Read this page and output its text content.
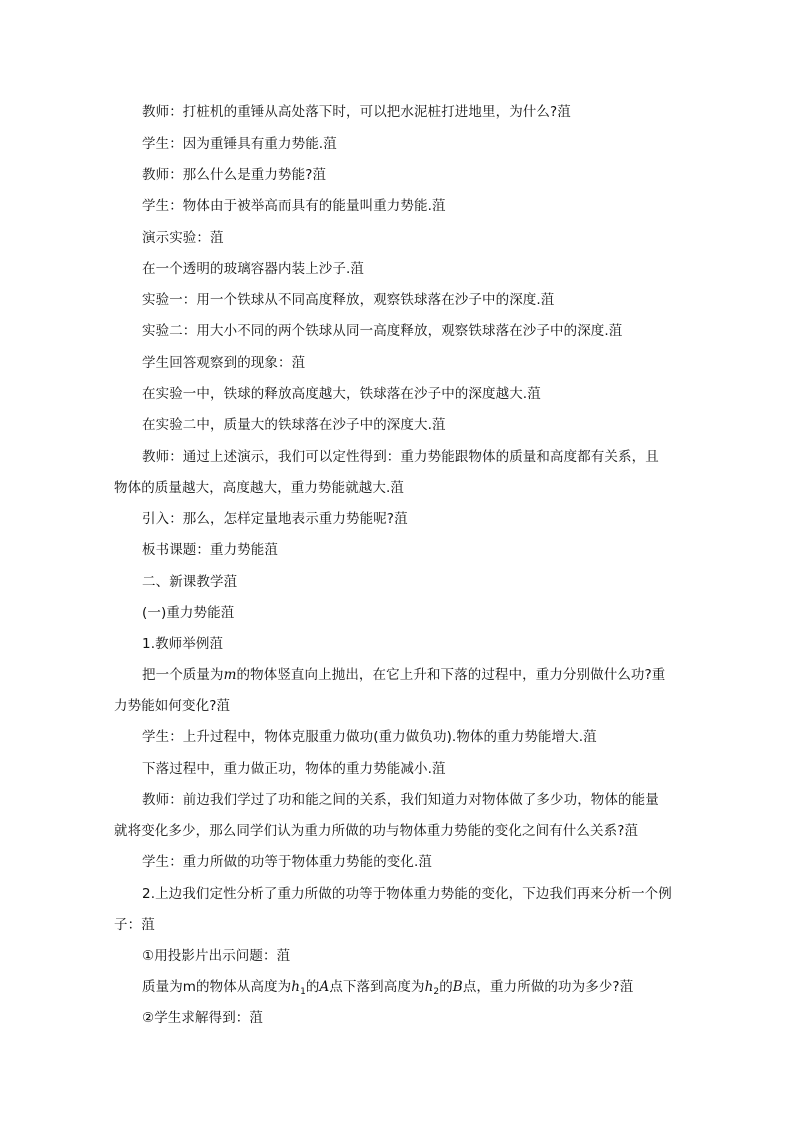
教师：打桩机的重锤从高处落下时，可以把水泥桩打进地里，为什么?菹
学生：因为重锤具有重力势能.菹
教师：那么什么是重力势能?菹
学生：物体由于被举高而具有的能量叫重力势能.菹
演示实验：菹
在一个透明的玻璃容器内装上沙子.菹
实验一：用一个铁球从不同高度释放，观察铁球落在沙子中的深度.菹
实验二：用大小不同的两个铁球从同一高度释放，观察铁球落在沙子中的深度.菹
学生回答观察到的现象：菹
在实验一中，铁球的释放高度越大，铁球落在沙子中的深度越大.菹
在实验二中，质量大的铁球落在沙子中的深度大.菹
教师：通过上述演示，我们可以定性得到：重力势能跟物体的质量和高度都有关系，且
物体的质量越大，高度越大，重力势能就越大.菹
引入：那么，怎样定量地表示重力势能呢?菹
板书课题：重力势能菹
二、新课教学菹
(一)重力势能菹
1.教师举例菹
把一个质量为m的物体竖直向上抛出，在它上升和下落的过程中，重力分别做什么功?重
力势能如何变化?菹
学生：上升过程中，物体克服重力做功(重力做负功).物体的重力势能增大.菹
下落过程中，重力做正功，物体的重力势能减小.菹
教师：前边我们学过了功和能之间的关系，我们知道力对物体做了多少功，物体的能量
就将变化多少，那么同学们认为重力所做的功与物体重力势能的变化之间有什么关系?菹
学生：重力所做的功等于物体重力势能的变化.菹
2.上边我们定性分析了重力所做的功等于物体重力势能的变化，下边我们再来分析一个例
子：菹
①用投影片出示问题：菹
质量为m的物体从高度为$h_1$的A点下落到高度为$h_2$的B点，重力所做的功为多少?菹
②学生求解得到：菹
